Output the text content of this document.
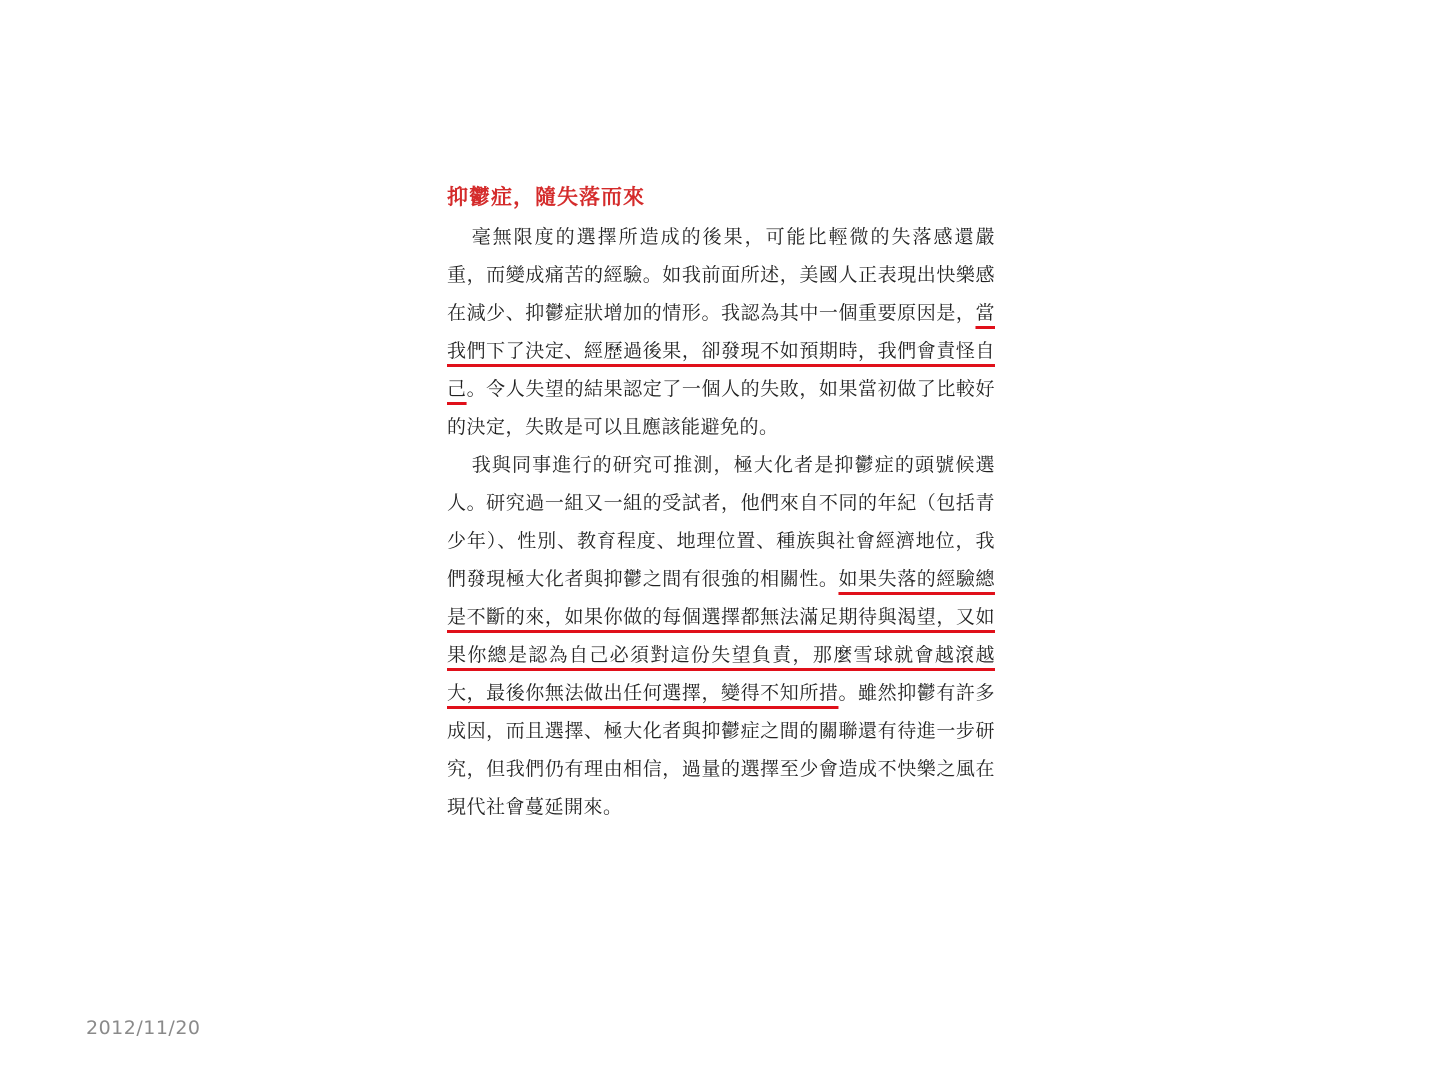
抑鬱症，隨失落而來

毫無限度的選擇所造成的後果，可能比輕微的失落感還嚴重，而變成痛苦的經驗。如我前面所述，美國人正表現出快樂感在減少、抑鬱症狀增加的情形。我認為其中一個重要原因是，當我們下了決定、經歷過後果，卻發現不如預期時，我們會責怪自己。令人失望的結果認定了一個人的失敗，如果當初做了比較好的決定，失敗是可以且應該能避免的。

我與同事進行的研究可推測，極大化者是抑鬱症的頭號候選人。研究過一組又一組的受試者，他們來自不同的年紀（包括青少年）、性別、教育程度、地理位置、種族與社會經濟地位，我們發現極大化者與抑鬱之間有很強的相關性。如果失落的經驗總是不斷的來，如果你做的每個選擇都無法滿足期待與渴望，又如果你總是認為自己必須對這份失望負責，那麼雪球就會越滾越大，最後你無法做出任何選擇，變得不知所措。雖然抑鬱有許多成因，而且選擇、極大化者與抑鬱症之間的關聯還有待進一步研究，但我們仍有理由相信，過量的選擇至少會造成不快樂之風在現代社會蔓延開來。

2012/11/20
